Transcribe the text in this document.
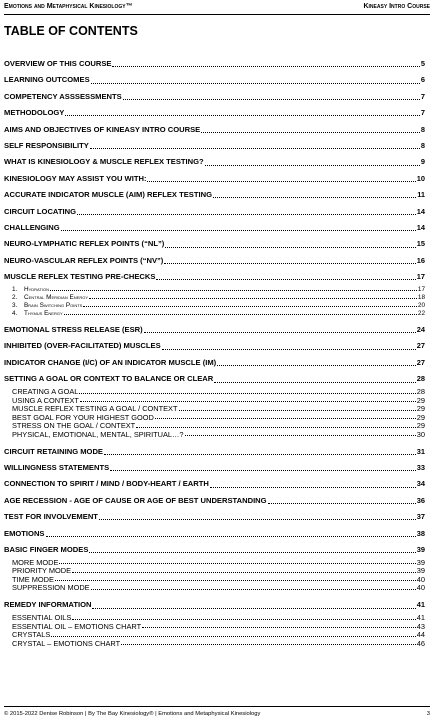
Emotions and Metaphysical Kinesiology™	Kineasy Intro Course
TABLE OF CONTENTS
OVERVIEW OF THIS COURSE	5
LEARNING OUTCOMES	6
COMPETENCY ASSSESSMENTS	7
METHODOLOGY	7
AIMS AND OBJECTIVES OF KINEASY INTRO COURSE	8
SELF RESPONSIBILITY	8
WHAT IS KINESIOLOGY & MUSCLE REFLEX TESTING?	9
KINESIOLOGY MAY ASSIST YOU WITH:	10
ACCURATE INDICATOR MUSCLE (AIM) REFLEX TESTING	11
CIRCUIT LOCATING	14
CHALLENGING	14
NEURO-LYMPHATIC REFLEX POINTS (“NL”)	15
NEURO-VASCULAR REFLEX POINTS (“NV”)	16
MUSCLE REFLEX TESTING PRE-CHECKS	17
1.	Hydration	17
2.	Central Meridian Energy	18
3.	Brain Switching Points	20
4.	Thymus Energy	22
EMOTIONAL STRESS RELEASE (ESR)	24
INHIBITED (OVER-FACILITATED) MUSCLES	27
INDICATOR CHANGE (I/C) OF AN INDICATOR MUSCLE (IM)	27
SETTING A GOAL OR CONTEXT TO BALANCE OR CLEAR	28
CREATING A GOAL	28
USING A CONTEXT	29
MUSCLE REFLEX TESTING A GOAL / CONTEXT	29
BEST GOAL FOR YOUR HIGHEST GOOD	29
STRESS ON THE GOAL / CONTEXT	29
PHYSICAL, EMOTIONAL, MENTAL, SPIRITUAL…?	30
CIRCUIT RETAINING MODE	31
WILLINGNESS STATEMENTS	33
CONNECTION TO SPIRIT / MIND / BODY-HEART / EARTH	34
AGE RECESSION - AGE OF CAUSE OR AGE OF BEST UNDERSTANDING	36
TEST FOR INVOLVEMENT	37
EMOTIONS	38
BASIC FINGER MODES	39
MORE MODE	39
PRIORITY MODE	39
TIME MODE	40
SUPPRESSION MODE	40
REMEDY INFORMATION	41
ESSENTIAL OILS	41
ESSENTIAL OIL – EMOTIONS CHART	43
CRYSTALS	44
CRYSTAL – EMOTIONS CHART	46
© 2015-2022 Denise Robinson | By The Bay Kinesiology® | Emotions and Metaphysical Kinesiology	3
